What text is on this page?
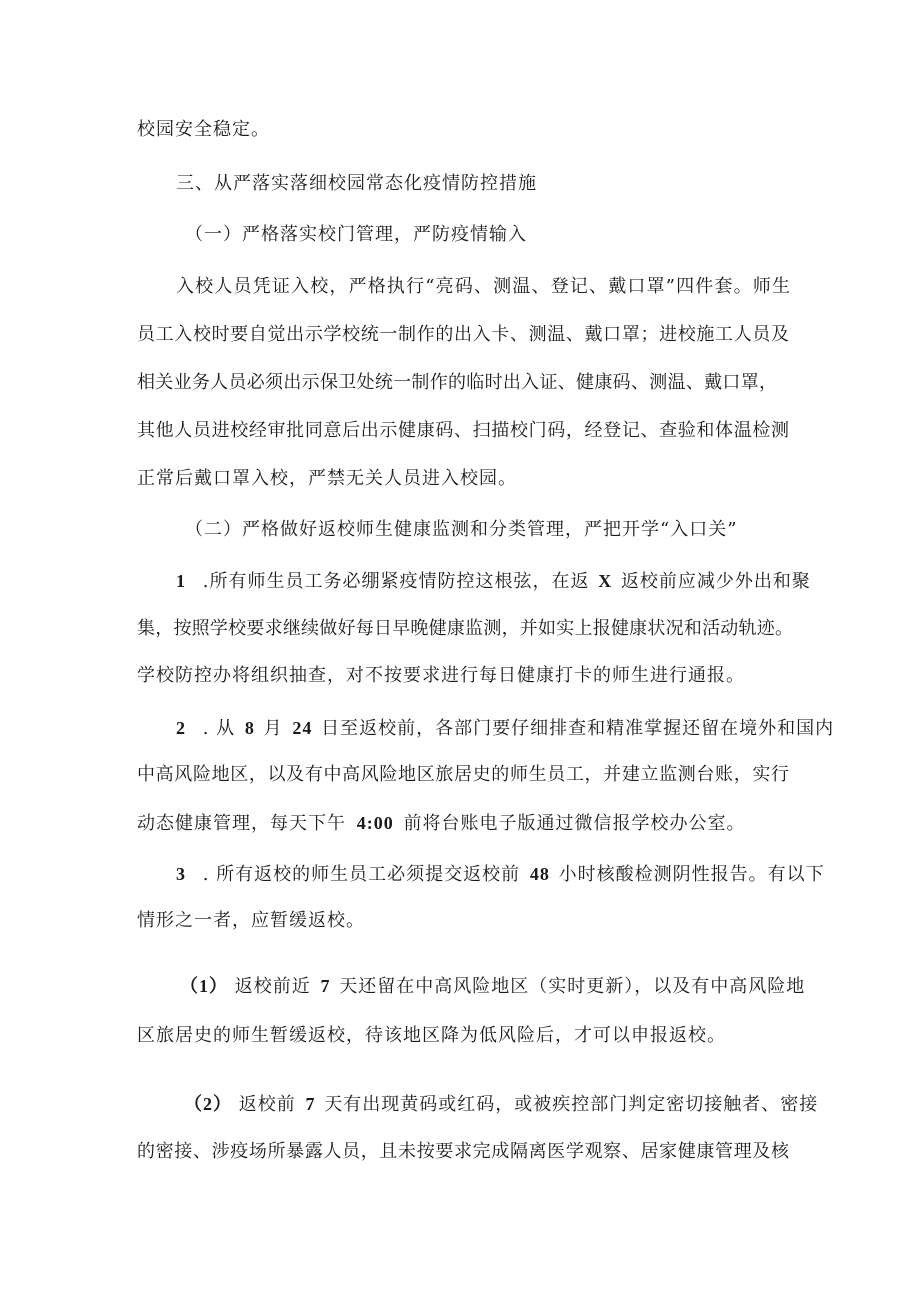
校园安全稳定。
三、从严落实落细校园常态化疫情防控措施
（一）严格落实校门管理，严防疫情输入
入校人员凭证入校，严格执行“亮码、测温、登记、戴口罩”四件套。师生
员工入校时要自觉出示学校统一制作的出入卡、测温、戴口罩；进校施工人员及
相关业务人员必须出示保卫处统一制作的临时出入证、健康码、测温、戴口罩，
其他人员进校经审批同意后出示健康码、扫描校门码，经登记、查验和体温检测
正常后戴口罩入校，严禁无关人员进入校园。
（二）严格做好返校师生健康监测和分类管理，严把开学“入口关”
1 .所有师生员工务必绷紧疫情防控这根弦，在返 X 返校前应减少外出和聚
集，按照学校要求继续做好每日早晚健康监测，并如实上报健康状况和活动轨迹。
学校防控办将组织抽查，对不按要求进行每日健康打卡的师生进行通报。
2 . 从 8 月 24 日至返校前，各部门要仔细排查和精准掌握还留在境外和国内
中高风险地区，以及有中高风险地区旅居史的师生员工，并建立监测台账，实行
动态健康管理，每天下午 4:00 前将台账电子版通过微信报学校办公室。
3 . 所有返校的师生员工必须提交返校前 48 小时核酸检测阴性报告。有以下
情形之一者，应暂缓返校。
（1） 返校前近 7 天还留在中高风险地区（实时更新），以及有中高风险地
区旅居史的师生暂缓返校，待该地区降为低风险后，才可以申报返校。
（2） 返校前 7 天有出现黄码或红码，或被疾控部门判定密切接触者、密接
的密接、涉疫场所暴露人员，且未按要求完成隔离医学观察、居家健康管理及核
